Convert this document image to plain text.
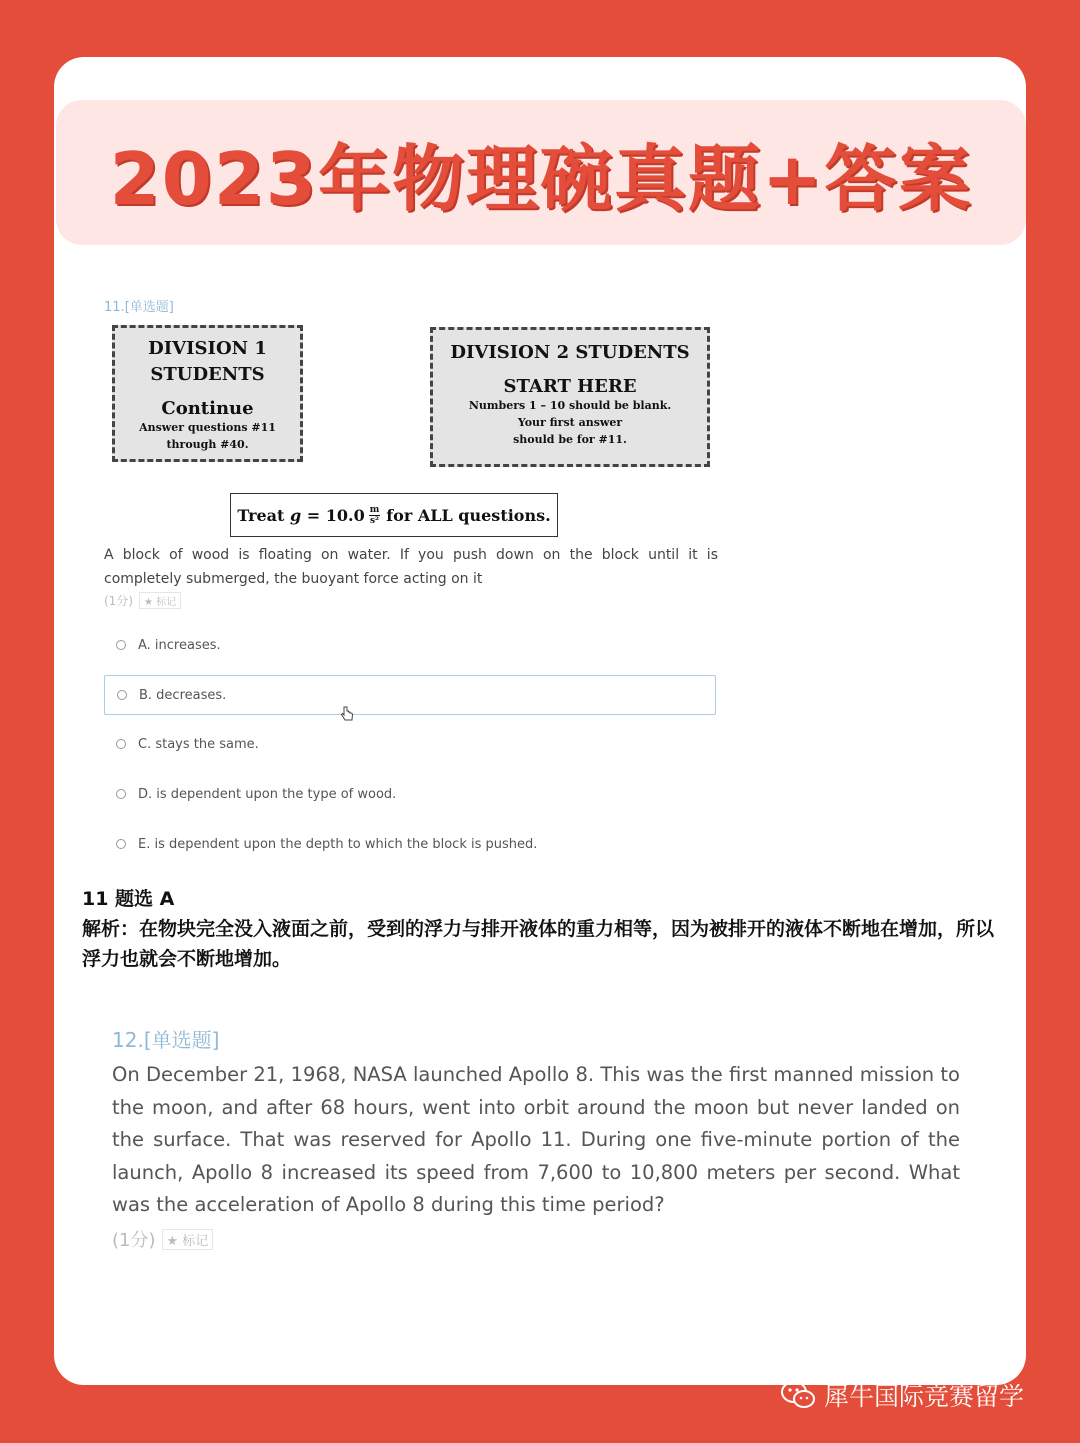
2023年物理碗真题+答案
11.[单选题]
DIVISION 1
STUDENTS
Continue
Answer questions #11
through #40.
DIVISION 2 STUDENTS
START HERE
Numbers 1 – 10 should be blank.
Your first answer
should be for #11.
Treat
g
= $10.0 \frac{m}{\text{s²}}$ for ALL questions.
A block of wood is floating on water. If you push down on the block until it is completely submerged, the buoyant force acting on it
(1分)	★ 标记
A. increases.
B. decreases.
C. stays the same.
D. is dependent upon the type of wood.
E. is dependent upon the depth to which the block is pushed.
11 题选 A
解析：在物块完全没入液面之前，受到的浮力与排开液体的重力相等，因为被排开的液体不断地在增加，所以浮力也就会不断地增加。
12.[单选题]
On December 21, 1968, NASA launched Apollo 8. This was the first manned mission to the moon, and after 68 hours, went into orbit around the moon but never landed on the surface. That was reserved for Apollo 11. During one five-minute portion of the launch, Apollo 8 increased its speed from 7,600 to 10,800 meters per second. What was the acceleration of Apollo 8 during this time period?
(1分) ★ 标记
犀牛国际竞赛留学
